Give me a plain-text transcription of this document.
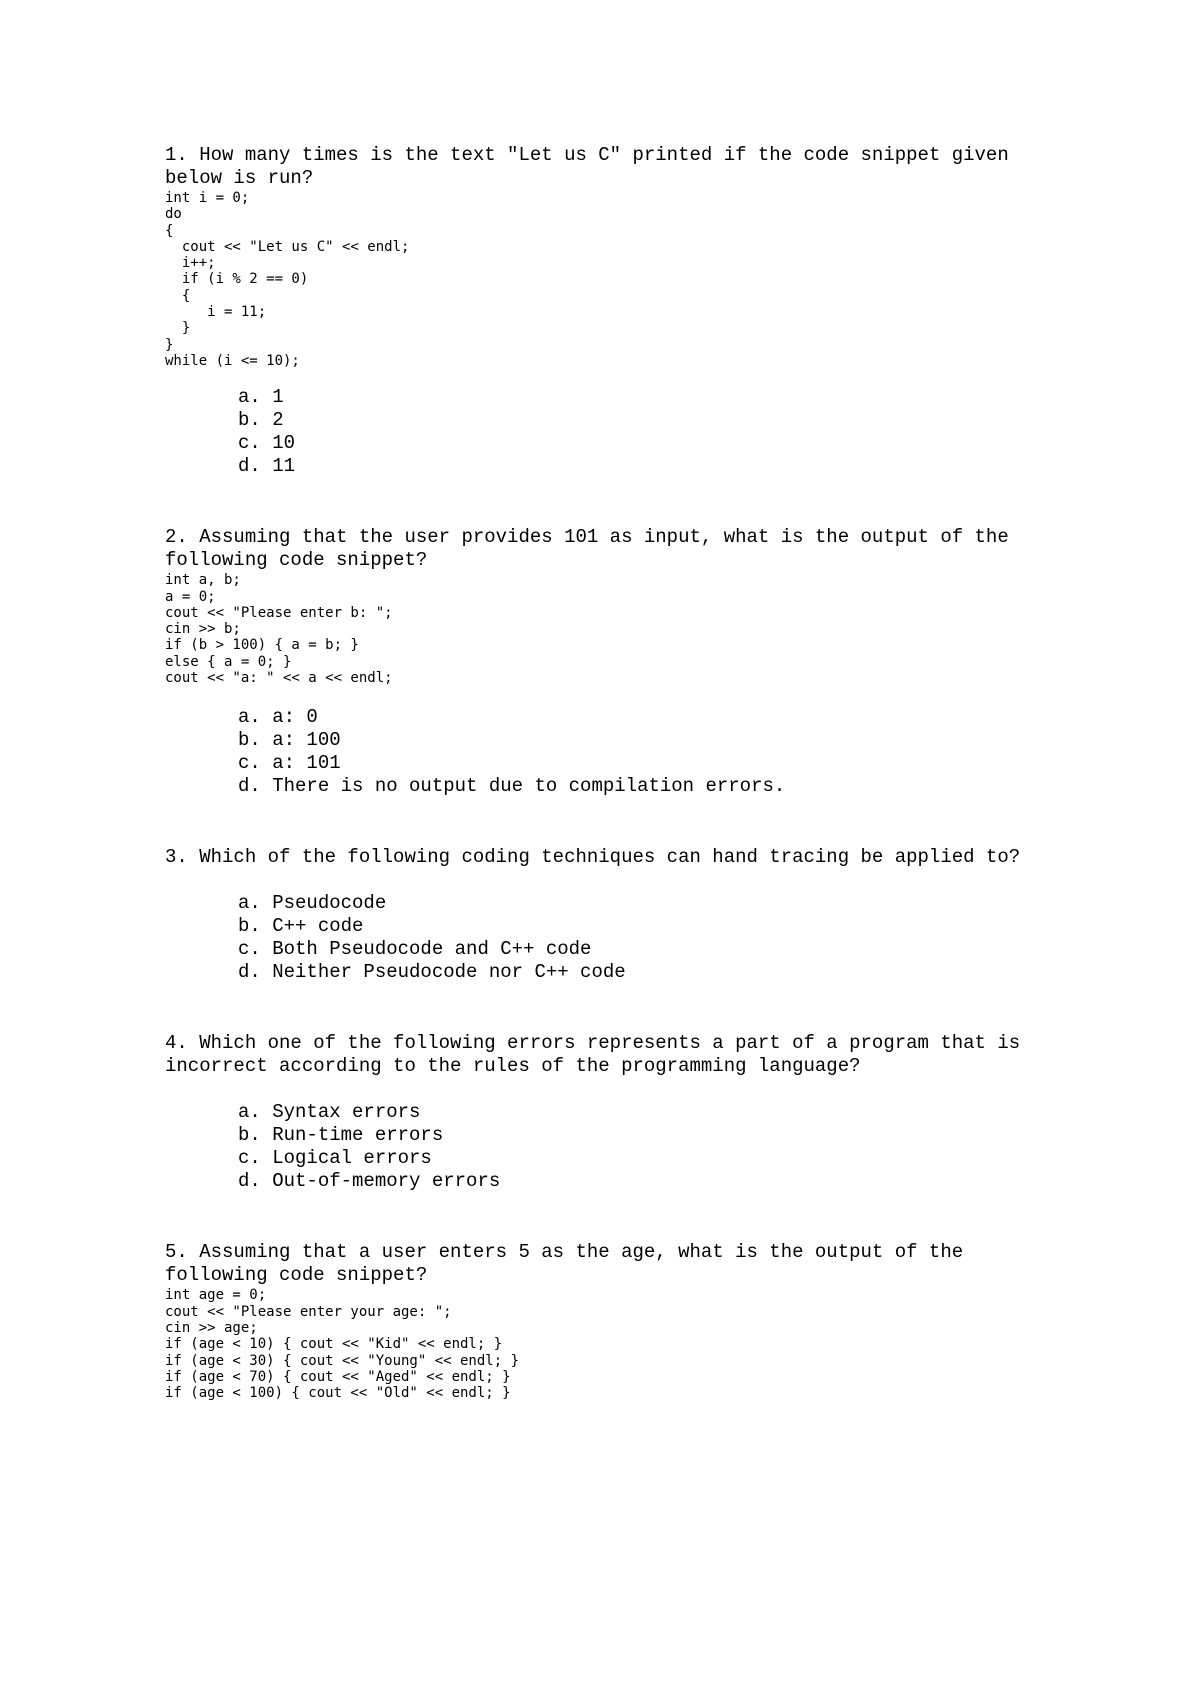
1. How many times is the text "Let us C" printed if the code snippet given below is run?

int i = 0;
do
{
cout << "Let us C" << endl;
i++;
if (i % 2 == 0)
{
i = 11;
}
}
while (i <= 10);
a. 1
b. 2
c. 10
d. 11

2. Assuming that the user provides 101 as input, what is the output of the following code snippet?

int a, b;
a = 0;
cout << "Please enter b: ";
cin >> b;
if (b > 100) { a = b; }
else { a = 0; }
cout << "a: " << a << endl;
a. a: 0
b. a: 100
c. a: 101
d. There is no output due to compilation errors.

3. Which of the following coding techniques can hand tracing be applied to?

a. Pseudocode
b. C++ code
c. Both Pseudocode and C++ code
d. Neither Pseudocode nor C++ code

4. Which one of the following errors represents a part of a program that is incorrect according to the rules of the programming language?

a. Syntax errors
b. Run-time errors
c. Logical errors
d. Out-of-memory errors

5. Assuming that a user enters 5 as the age, what is the output of the following code snippet?

int age = 0;
cout << "Please enter your age: ";
cin >> age;
if (age < 10) { cout << "Kid" << endl; }
if (age < 30) { cout << "Young" << endl; }
if (age < 70) { cout << "Aged" << endl; }
if (age < 100) { cout << "Old" << endl; }
